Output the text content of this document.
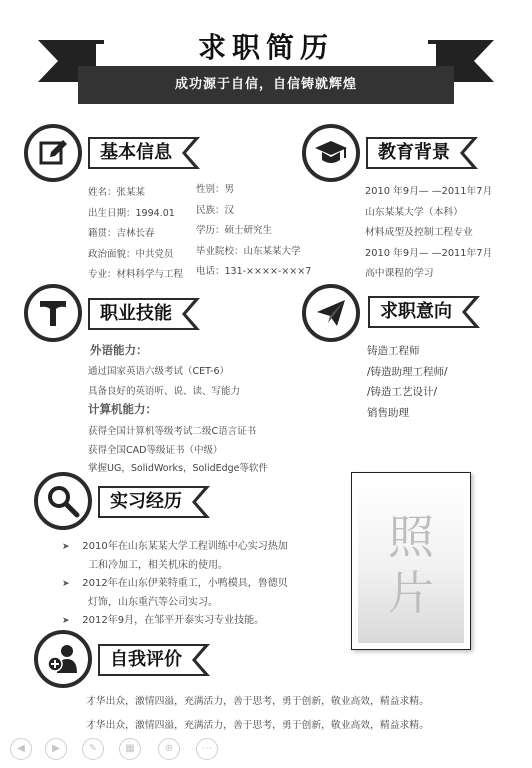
求职简历
成功源于自信，自信铸就辉煌
基本信息
姓名：张某某
出生日期：1994.01
籍贯：吉林长春
政治面貌：中共党员
专业：材料科学与工程
性别：男
民族：汉
学历：硕士研究生
毕业院校：山东某某大学
电话：131-××××-×××7
教育背景
2010 年9月— —2011年7月
山东某某大学（本科）
材料成型及控制工程专业
2010 年9月— —2011年7月
高中课程的学习
职业技能
外语能力：
通过国家英语六级考试（CET-6）
具备良好的英语听、说、读、写能力
计算机能力：
获得全国计算机等级考试二级C语言证书
获得全国CAD等级证书（中级）
掌握UG，SolidWorks，SolidEdge等软件
求职意向
铸造工程师
/铸造助理工程师/
/铸造工艺设计/
销售助理
实习经历
➤ 2010年在山东某某大学工程训练中心实习热加
工和冷加工，相关机床的使用。
➤ 2012年在山东伊莱特重工，小鸭模具，鲁德贝
灯饰，山东重汽等公司实习。
➤ 2012年9月，在邹平开泰实习专业技能。
照
片
自我评价
才华出众，激情四溢，充满活力，善于思考，勇于创新，敬业高效，精益求精。
才华出众，激情四溢，充满活力，善于思考，勇于创新，敬业高效，精益求精。
◀	▶	✎	▦	⊕	⋯
